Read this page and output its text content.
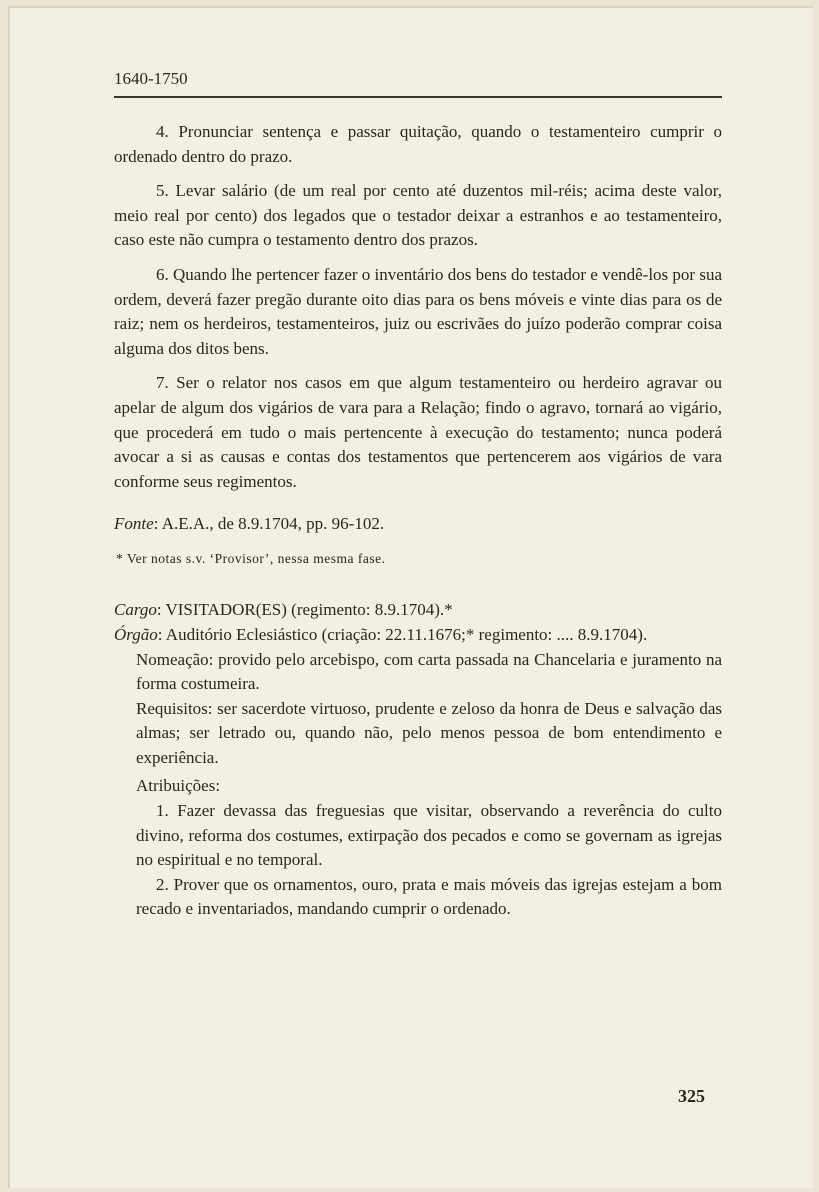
1640-1750

4. Pronunciar sentença e passar quitação, quando o testamenteiro cumprir o ordenado dentro do prazo.

5. Levar salário (de um real por cento até duzentos mil-réis; acima deste valor, meio real por cento) dos legados que o testador deixar a estranhos e ao testamenteiro, caso este não cumpra o testamento dentro dos prazos.

6. Quando lhe pertencer fazer o inventário dos bens do testador e vendê-los por sua ordem, deverá fazer pregão durante oito dias para os bens móveis e vinte dias para os de raiz; nem os herdeiros, testamenteiros, juiz ou escrivães do juízo poderão comprar coisa alguma dos ditos bens.

7. Ser o relator nos casos em que algum testamenteiro ou herdeiro agravar ou apelar de algum dos vigários de vara para a Relação; findo o agravo, tornará ao vigário, que procederá em tudo o mais pertencente à execução do testamento; nunca poderá avocar a si as causas e contas dos testamentos que pertencerem aos vigários de vara conforme seus regimentos.

Fonte: A.E.A., de 8.9.1704, pp. 96-102.
* Ver notas s.v. ‘Provisor’, nessa mesma fase.

Cargo: VISITADOR(ES) (regimento: 8.9.1704).*

Órgão: Auditório Eclesiástico (criação: 22.11.1676;* regimento: .... 8.9.1704).

Nomeação: provido pelo arcebispo, com carta passada na Chancelaria e juramento na forma costumeira.

Requisitos: ser sacerdote virtuoso, prudente e zeloso da honra de Deus e salvação das almas; ser letrado ou, quando não, pelo menos pessoa de bom entendimento e experiência.

Atribuições:

1. Fazer devassa das freguesias que visitar, observando a reverência do culto divino, reforma dos costumes, extirpação dos pecados e como se governam as igrejas no espiritual e no temporal.

2. Prover que os ornamentos, ouro, prata e mais móveis das igrejas estejam a bom recado e inventariados, mandando cumprir o ordenado.

325
